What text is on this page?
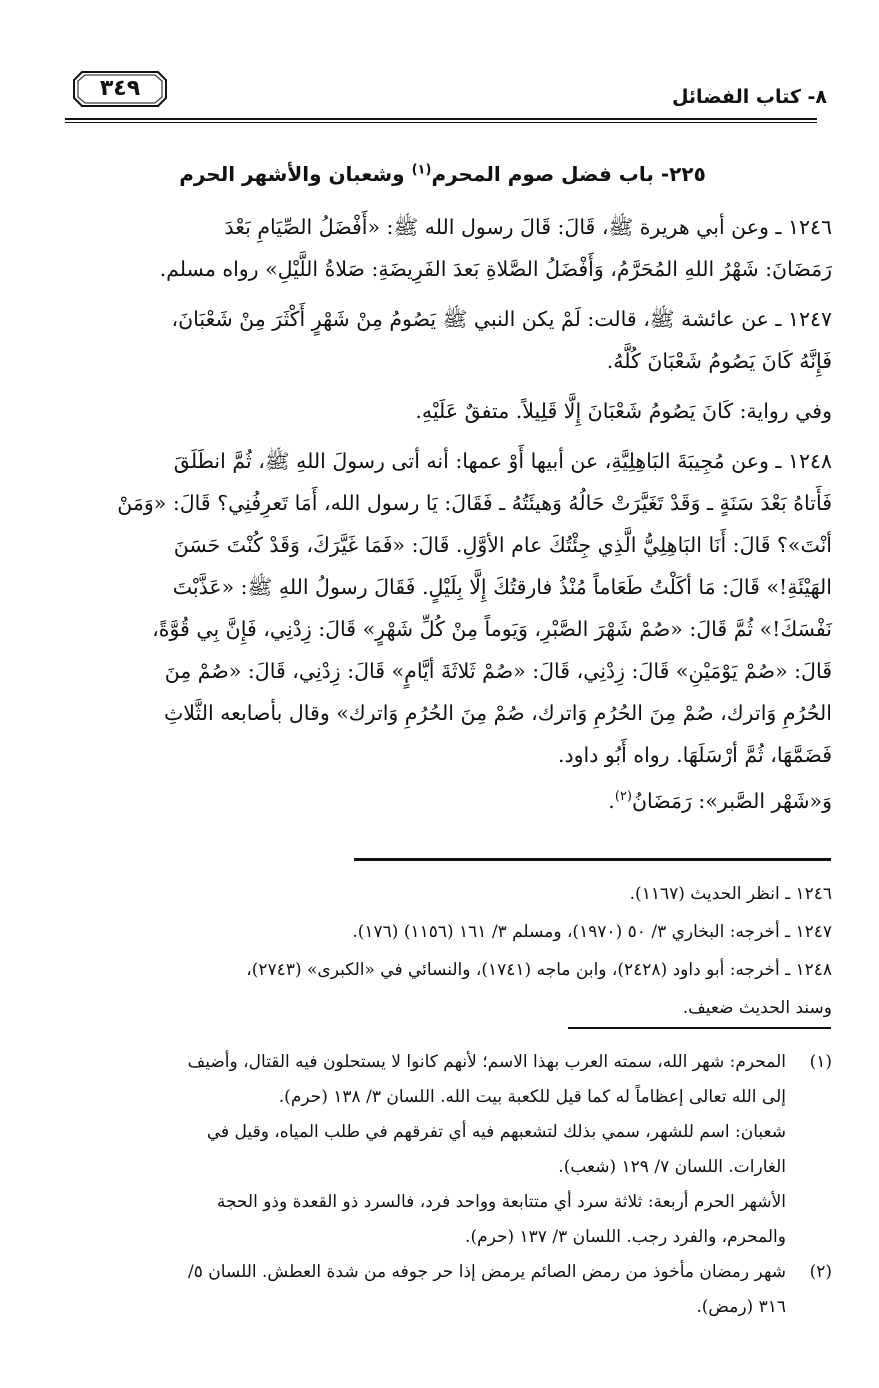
٣٤٩	٨- كتاب الفضائل
٢٢٥- باب فضل صوم المحرم$^{(١)}$ وشعبان والأشهر الحرم

١٢٤٦ ـ وعن أبي هريرة ﷺ، قَالَ: قَالَ رسول الله ﷺ: «أَفْضَلُ الصِّيَامِ بَعْدَ

رَمَضَانَ: شَهْرُ اللهِ المُحَرَّمُ، وَأَفْضَلُ الصَّلاةِ بَعدَ الفَرِيضَةِ: صَلاةُ اللَّيْلِ» رواه مسلم.

١٢٤٧ ـ عن عائشة ﷺ، قالت: لَمْ يكن النبي ﷺ يَصُومُ مِنْ شَهْرٍ أَكْثَرَ مِنْ شَعْبَانَ،

فَإِنَّهُ كَانَ يَصُومُ شَعْبَانَ كُلَّهُ.

وفي رواية: كَانَ يَصُومُ شَعْبَانَ إِلَّا قَلِيلاً. متفقٌ عَلَيْهِ.

١٢٤٨ ـ وعن مُجِيبَةَ البَاهِلِيَّةِ، عن أبيها أَوْ عمها: أنه أتى رسولَ اللهِ ﷺ، ثُمَّ انطَلَقَ

فَأَتاهُ بَعْدَ سَنَةٍ ـ وَقَدْ تَغَيَّرَتْ حَالُهُ وَهيئَتُهُ ـ فَقَالَ: يَا رسول الله، أَمَا تَعرِفُنِي؟ قَالَ: «وَمَنْ

أنْتَ»؟ قَالَ: أَنَا البَاهِلِيُّ الَّذِي جِئْتُكَ عام الأوَّلِ. قَالَ: «فَمَا غَيَّرَكَ، وَقَدْ كُنْتَ حَسَنَ

الهَيْئَةِ!» قَالَ: مَا أكَلْتُ طَعَاماً مُنْذُ فارقتُكَ إِلَّا بِلَيْلٍ. فَقَالَ رسولُ اللهِ ﷺ: «عَذَّبْتَ

نَفْسَكَ!» ثُمَّ قَالَ: «صُمْ شَهْرَ الصَّبْرِ، وَيَوماً مِنْ كُلِّ شَهْرٍ» قَالَ: زِدْنِي، فَإِنَّ بِي قُوَّةً،

قَالَ: «صُمْ يَوْمَيْنِ» قَالَ: زِدْنِي، قَالَ: «صُمْ ثَلاثَةَ أيَّامٍ» قَالَ: زِدْنِي، قَالَ: «صُمْ مِنَ

الحُرُمِ وَاترك، صُمْ مِنَ الحُرُمِ وَاترك، صُمْ مِنَ الحُرُمِ وَاترك» وقال بأصابعه الثَّلاثِ

فَضَمَّهَا، ثُمَّ أرْسَلَهَا. رواه أَبُو داود.

وَ«شَهْر الصَّبر»: رَمَضَانُ$^{(٢)}$.

١٢٤٦ ـ انظر الحديث (١١٦٧).

١٢٤٧ ـ أخرجه: البخاري ٣/ ٥٠ (١٩٧٠)، ومسلم ٣/ ١٦١ (١١٥٦) (١٧٦).

١٢٤٨ ـ أخرجه: أبو داود (٢٤٢٨)، وابن ماجه (١٧٤١)، والنسائي في «الكبرى» (٢٧٤٣)،

وسند الحديث ضعيف.

(١)المحرم: شهر الله، سمته العرب بهذا الاسم؛ لأنهم كانوا لا يستحلون فيه القتال، وأضيف

إلى الله تعالى إعظاماً له كما قيل للكعبة بيت الله. اللسان ٣/ ١٣٨ (حرم).

شعبان: اسم للشهر، سمي بذلك لتشعبهم فيه أي تفرقهم في طلب المياه، وقيل في

الغارات. اللسان ٧/ ١٢٩ (شعب).

الأشهر الحرم أربعة: ثلاثة سرد أي متتابعة وواحد فرد، فالسرد ذو القعدة وذو الحجة

والمحرم، والفرد رجب. اللسان ٣/ ١٣٧ (حرم).

(٢)شهر رمضان مأخوذ من رمض الصائم يرمض إذا حر جوفه من شدة العطش. اللسان ٥/

٣١٦ (رمض).
